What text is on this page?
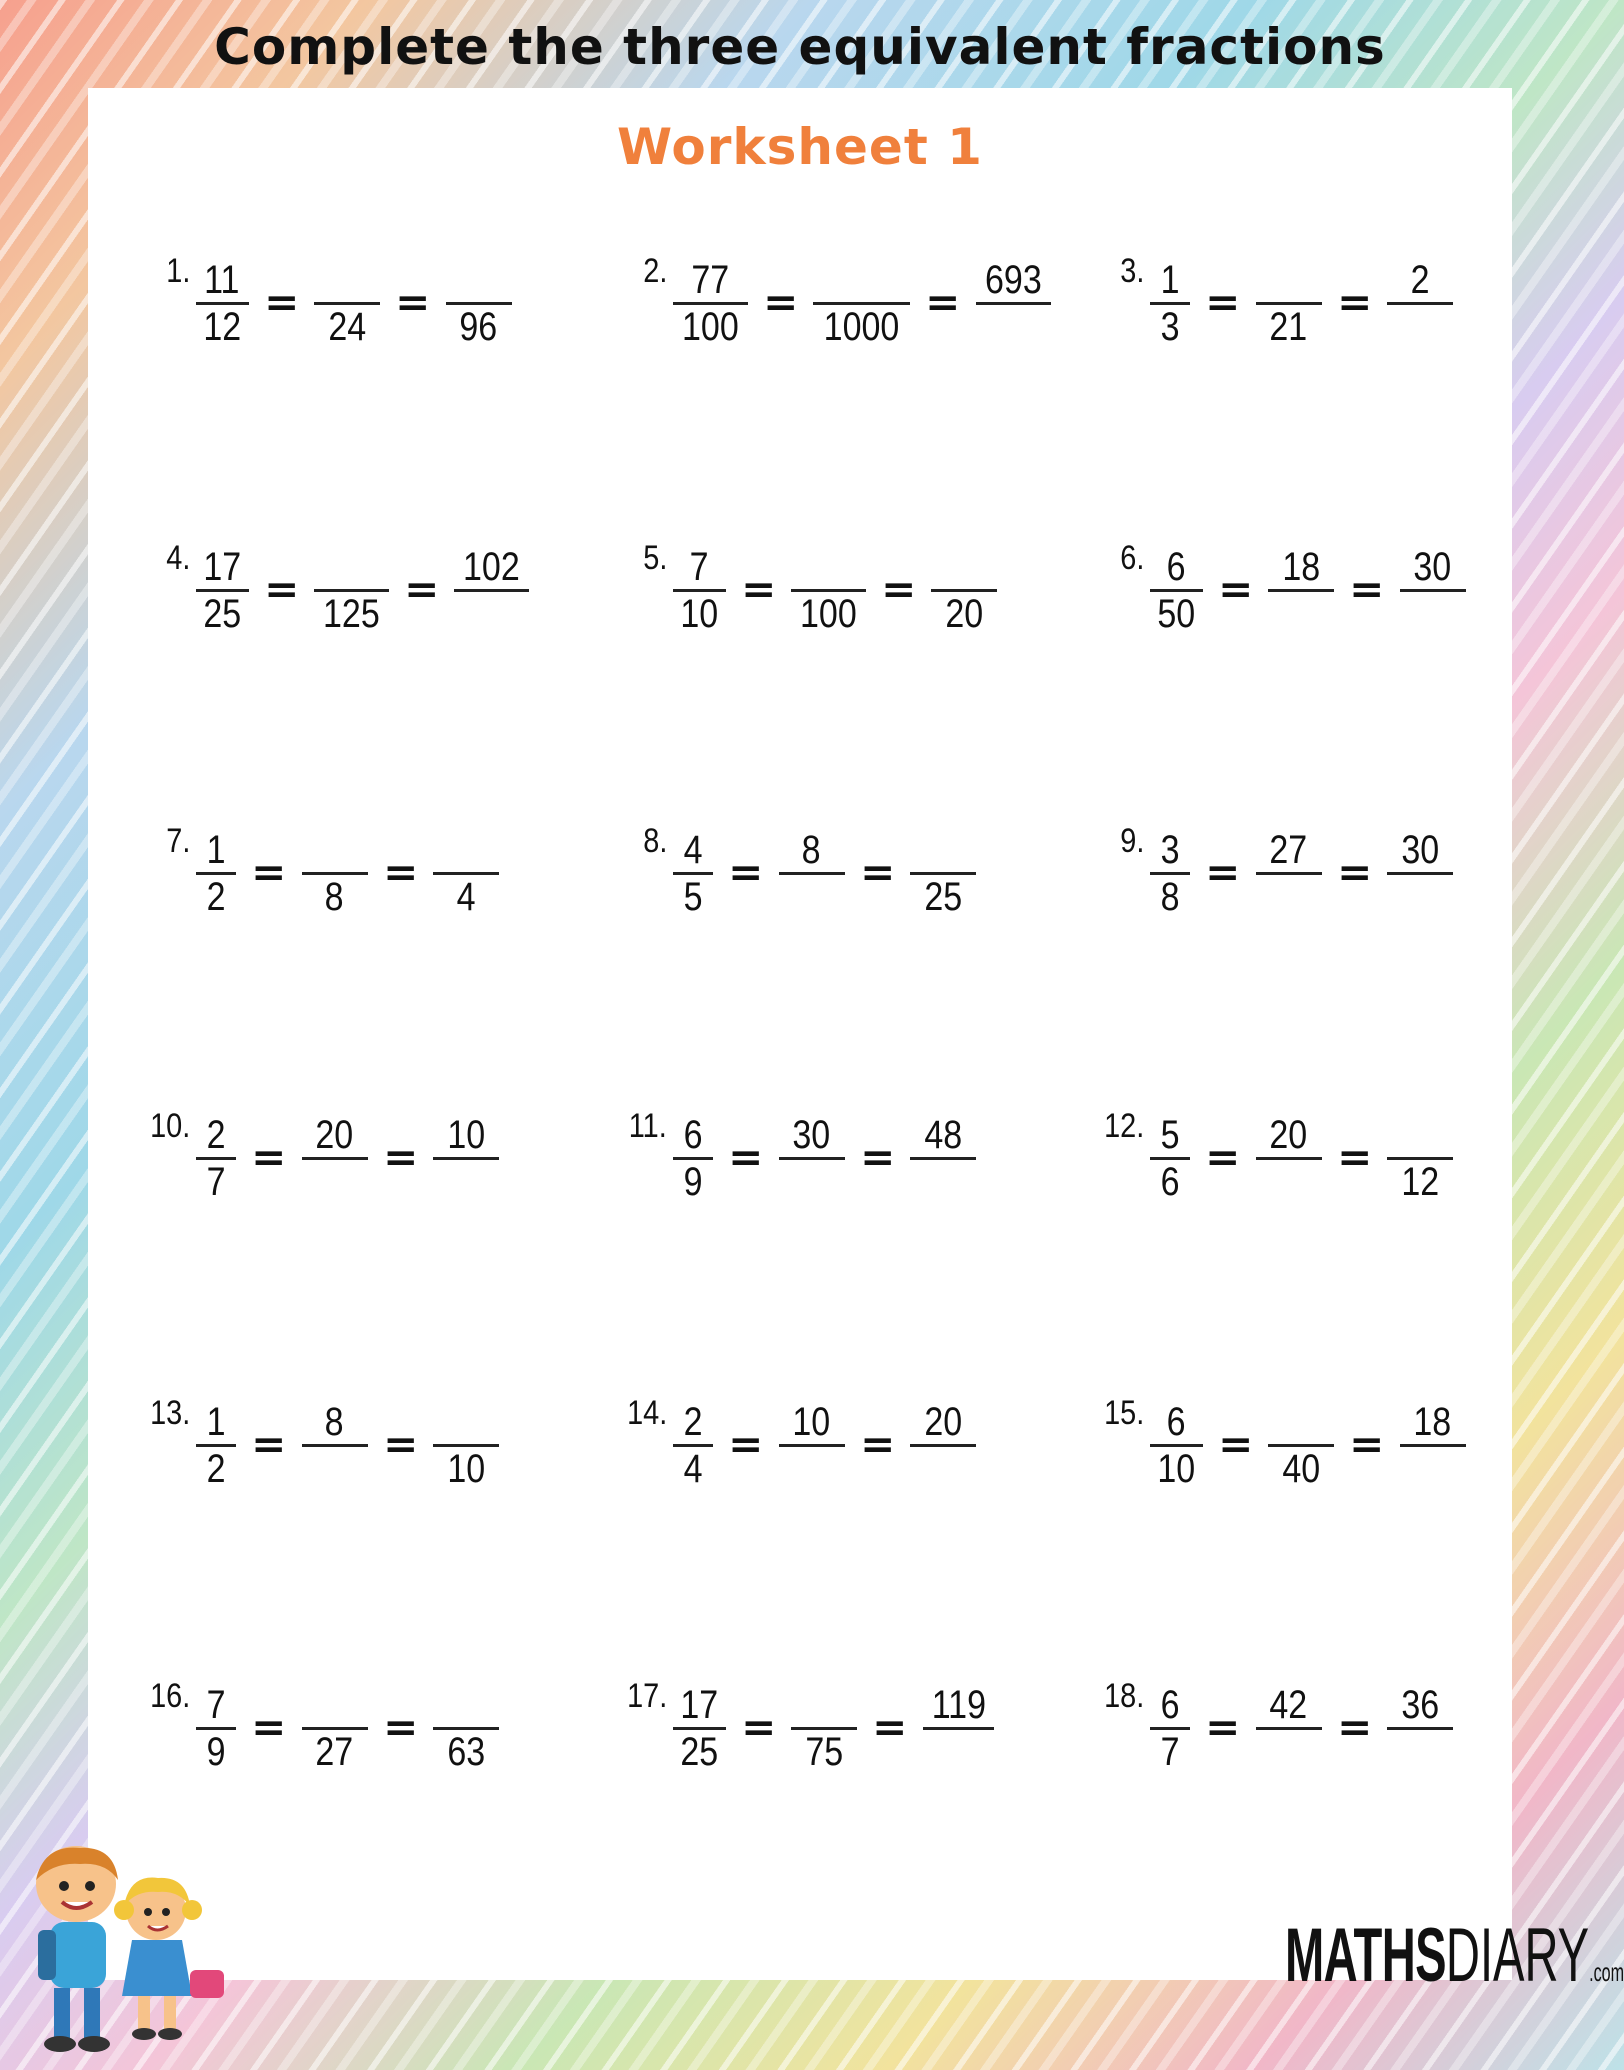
Complete the three equivalent fractions
Worksheet 1
1. $\frac{11}{12}$ =
24
=
96
2. $\frac{77}{100}$ =
1000
=
693 3. $\frac{1}{3}$ =
21
=
2
4. $\frac{17}{25}$ =
125
=
102	5. $\frac{7}{10}$ =
100
=
20
6. $\frac{6}{50}$ =
18
=
30
7. $\frac{1}{2}$ =
8
=
4
8. $\frac{4}{5}$ =
8
=
25
9. $\frac{3}{8}$ =
27
=
30
10. $\frac{2}{7}$ =
20
=
10	11. $\frac{6}{9}$ =
30
=
48	12. $\frac{5}{6}$ =
20
=
12
13. $\frac{1}{2}$ =
8
=
10
14. $\frac{2}{4}$ =
10
=
20	15. $\frac{6}{10}$ =
40
=
18
16. $\frac{7}{9}$ =
27
=
63
17. $\frac{17}{25}$ =
75
=
119	18. $\frac{6}{7}$ =
42
=
36
MATHSDIARY.com
